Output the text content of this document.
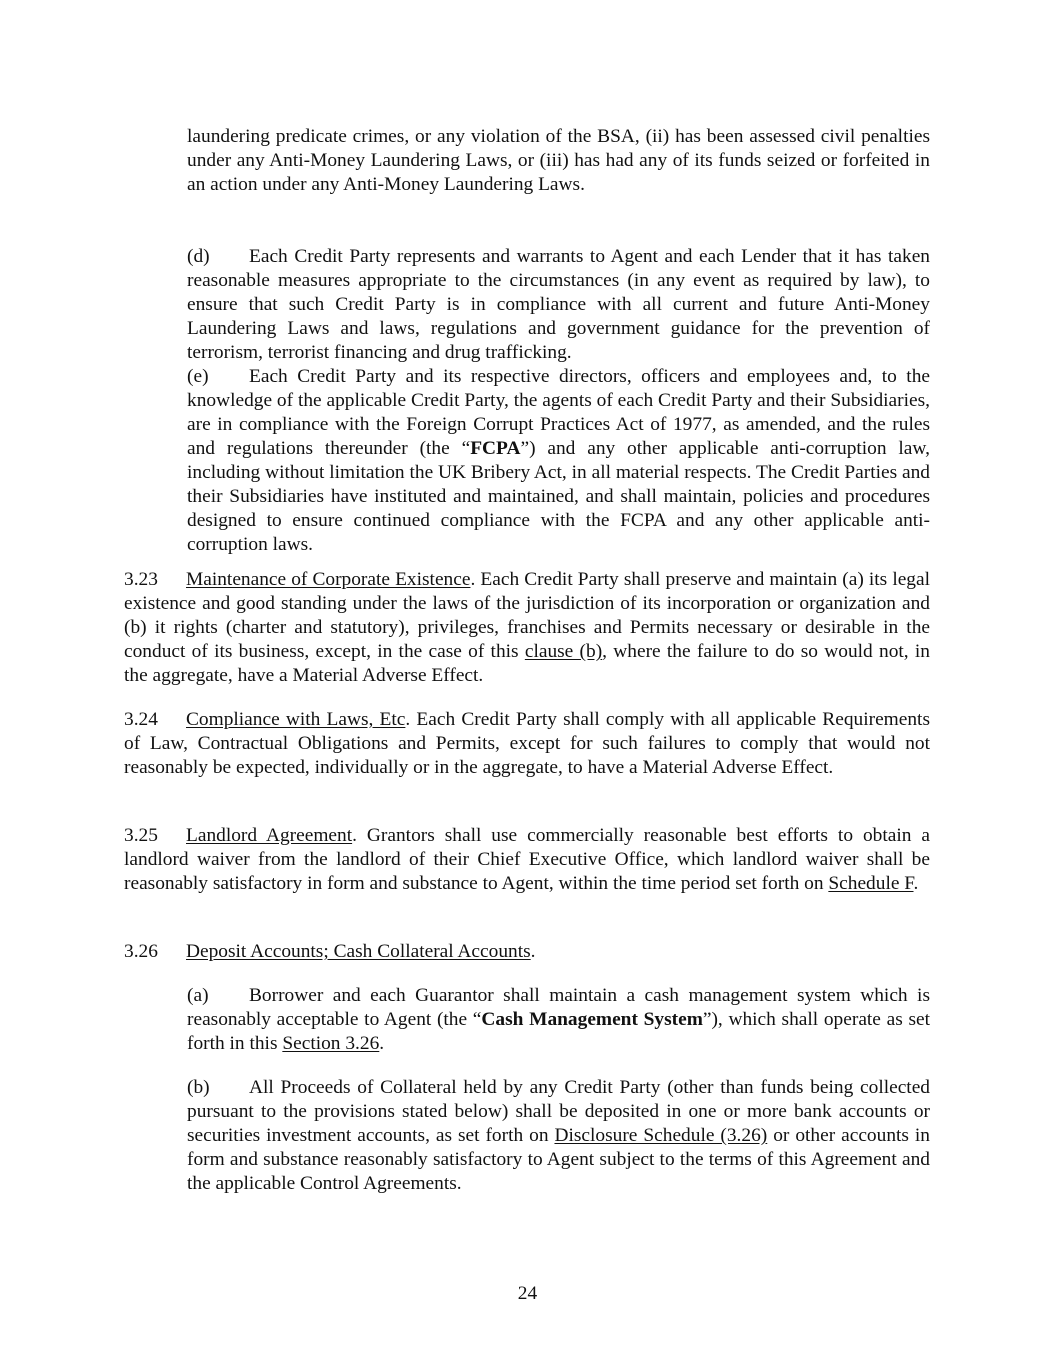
laundering predicate crimes, or any violation of the BSA, (ii) has been assessed civil penalties under any Anti-Money Laundering Laws, or (iii) has had any of its funds seized or forfeited in an action under any Anti-Money Laundering Laws.

(d) Each Credit Party represents and warrants to Agent and each Lender that it has taken reasonable measures appropriate to the circumstances (in any event as required by law), to ensure that such Credit Party is in compliance with all current and future Anti-Money Laundering Laws and laws, regulations and government guidance for the prevention of terrorism, terrorist financing and drug trafficking.

(e) Each Credit Party and its respective directors, officers and employees and, to the knowledge of the applicable Credit Party, the agents of each Credit Party and their Subsidiaries, are in compliance with the Foreign Corrupt Practices Act of 1977, as amended, and the rules and regulations thereunder (the “FCPA”) and any other applicable anti-corruption law, including without limitation the UK Bribery Act, in all material respects. The Credit Parties and their Subsidiaries have instituted and maintained, and shall maintain, policies and procedures designed to ensure continued compliance with the FCPA and any other applicable anti-corruption laws.

3.23 Maintenance of Corporate Existence. Each Credit Party shall preserve and maintain (a) its legal existence and good standing under the laws of the jurisdiction of its incorporation or organization and (b) it rights (charter and statutory), privileges, franchises and Permits necessary or desirable in the conduct of its business, except, in the case of this clause (b), where the failure to do so would not, in the aggregate, have a Material Adverse Effect.

3.24 Compliance with Laws, Etc. Each Credit Party shall comply with all applicable Requirements of Law, Contractual Obligations and Permits, except for such failures to comply that would not reasonably be expected, individually or in the aggregate, to have a Material Adverse Effect.

3.25 Landlord Agreement. Grantors shall use commercially reasonable best efforts to obtain a landlord waiver from the landlord of their Chief Executive Office, which landlord waiver shall be reasonably satisfactory in form and substance to Agent, within the time period set forth on Schedule F.

3.26 Deposit Accounts; Cash Collateral Accounts.

(a) Borrower and each Guarantor shall maintain a cash management system which is reasonably acceptable to Agent (the “Cash Management System”), which shall operate as set forth in this Section 3.26.

(b) All Proceeds of Collateral held by any Credit Party (other than funds being collected pursuant to the provisions stated below) shall be deposited in one or more bank accounts or securities investment accounts, as set forth on Disclosure Schedule (3.26) or other accounts in form and substance reasonably satisfactory to Agent subject to the terms of this Agreement and the applicable Control Agreements.

24
